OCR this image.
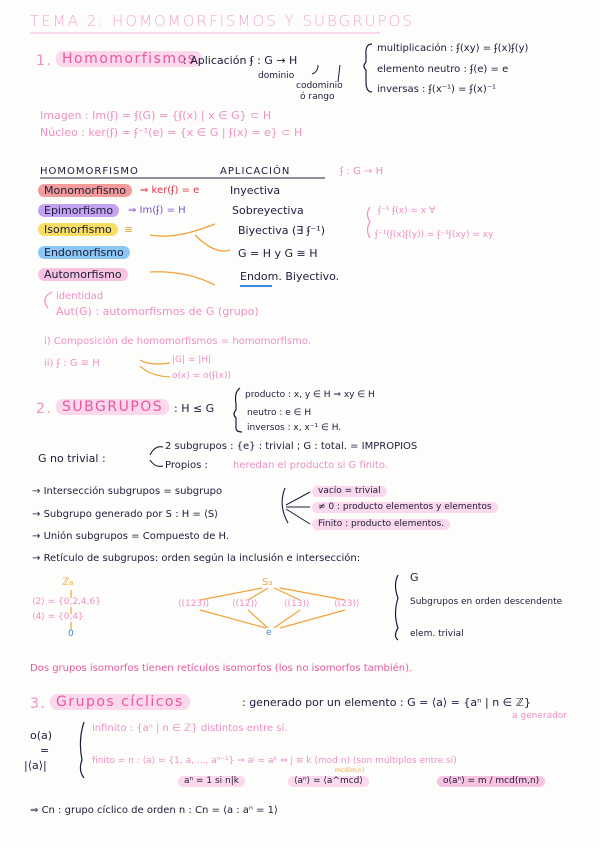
TEMA 2: HOMOMORFISMOS Y SUBGRUPOS
1. Homomorfismos
: Aplicación ʄ : G → H
dominio
codominio
ó rango
multiplicación : ʄ(xy) = ʄ(x)ʄ(y)
elemento neutro : ʄ(e) = e
inversas : ʄ(x⁻¹) = ʄ(x)⁻¹
Imagen : Im(ʄ) = ʄ(G) = {ʄ(x) | x ∈ G} ⊂ H
Núcleo : ker(ʄ) = ʄ⁻¹(e) = {x ∈ G | ʄ(x) = e} ⊂ H
HOMOMORFISMO	APLICACIÓN	ʄ : G → H
Monomorfismo	⇒ ker(ʄ) = e	Inyectiva
Epimorfismo	⇒ Im(ʄ) = H	Sobreyectiva
Isomorfismo	≅	Biyectiva (∃ ʄ⁻¹)
Endomorfismo	G = H y G ≅ H
Automorfismo	Endom. Biyectivo.
ʄ⁻¹ ʄ(x) = x ∀
ʄ⁻¹(ʄ(x)ʄ(y)) = ʄ⁻¹ʄ(xy) = xy
identidad
Aut(G) : automorfismos de G (grupo)
i) Composición de homomorfismos = homomorfismo.
ii) ʄ : G ≅ H	|G| = |H|
o(x) = o(ʄ(x))
2. SUBGRUPOS : H ≤ G
producto : x, y ∈ H ⇒ xy ∈ H
neutro : e ∈ H
inversos : x, x⁻¹ ∈ H.
G no trivial :
2 subgrupos : {e} : trivial ; G : total. = IMPROPIOS
Propios :	heredan el producto si G finito.
→ Intersección subgrupos = subgrupo
→ Subgrupo generado por S : H = ⟨S⟩
→ Unión subgrupos = Compuesto de H.
vacío = trivial
≠ 0 : producto elementos y elementos
Finito : producto elementos.
→ Retículo de subgrupos: orden según la inclusión e intersección:
ℤ₈
⟨2⟩ = {0,2,4,6}
⟨4⟩ = {0,4}
0
S₃
⟨(123)⟩	⟨(12)⟩	⟨(13)⟩	⟨(23)⟩
e
G
Subgrupos en orden descendente
elem. trivial
Dos grupos isomorfos tienen retículos isomorfos (los no isomorfos también).
3. Grupos cíclicos	: generado por un elemento : G = ⟨a⟩ = {aⁿ | n ∈ ℤ}
a generador
o(a)
=
|⟨a⟩|
infinito : {aⁿ | n ∈ ℤ} distintos entre sí.
finito = n : ⟨a⟩ = {1, a, ..., aⁿ⁻¹} ⇒ aʲ = aᵏ ⇔ j ≡ k (mod n) (son múltiplos entre sí)
aⁿ = 1 si n|k	⟨aⁿ⟩ = ⟨a^mcd⟩
mcd(m,n)
o(aⁿ) = m / mcd(m,n)
⇒ Cn : grupo cíclico de orden n : Cn = ⟨a : aⁿ = 1⟩
